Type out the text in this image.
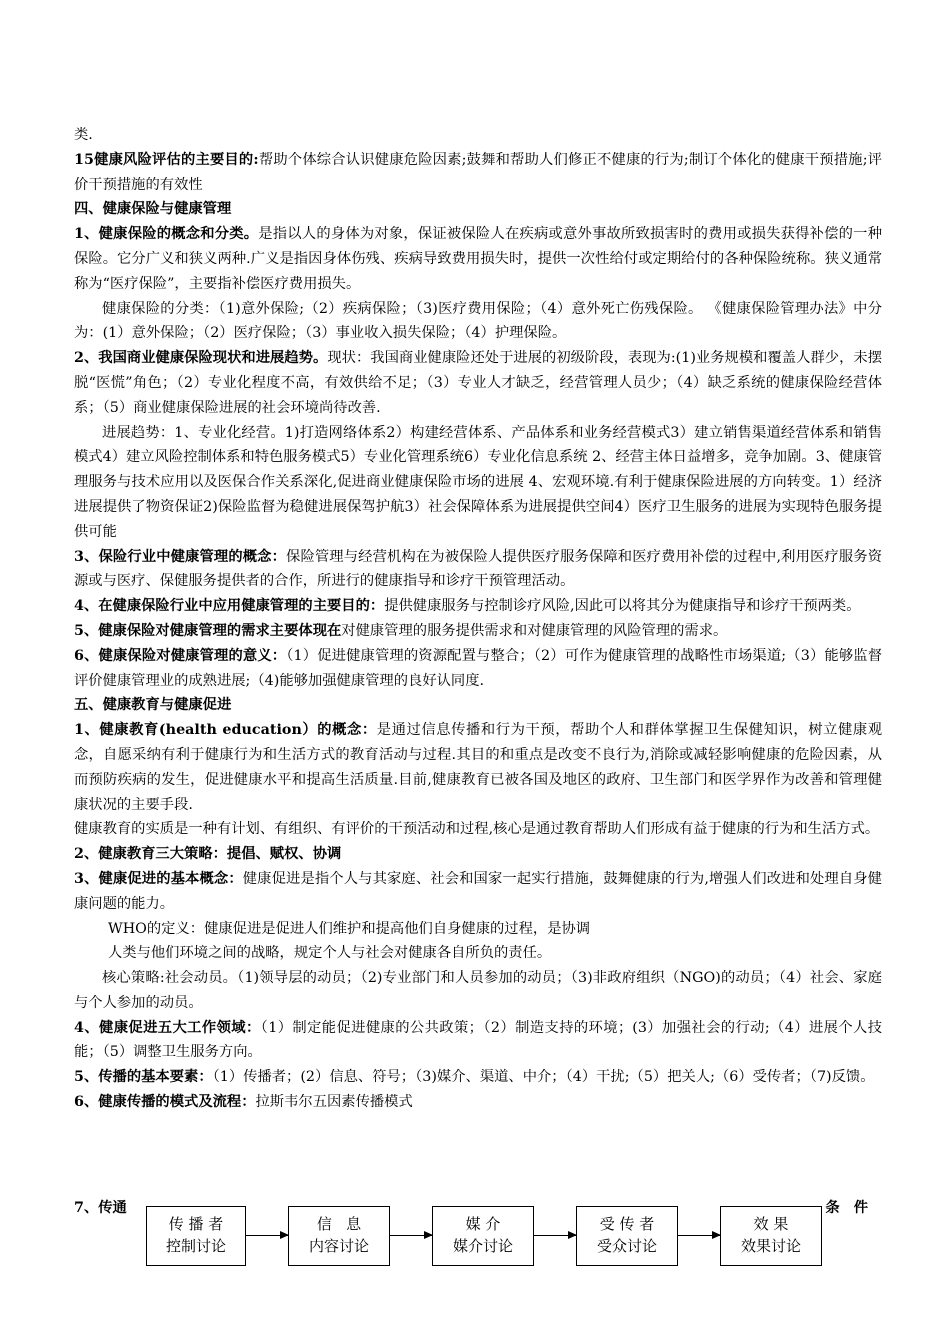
类.

15健康风险评估的主要目的:帮助个体综合认识健康危险因素;鼓舞和帮助人们修正不健康的行为;制订个体化的健康干预措施;评价干预措施的有效性

四、健康保险与健康管理

1、健康保险的概念和分类。是指以人的身体为对象，保证被保险人在疾病或意外事故所致损害时的费用或损失获得补偿的一种保险。它分广义和狭义两种.广义是指因身体伤残、疾病导致费用损失时，提供一次性给付或定期给付的各种保险统称。狭义通常称为“医疗保险”，主要指补偿医疗费用损失。

健康保险的分类：（1)意外保险;（2）疾病保险；（3)医疗费用保险；（4）意外死亡伤残保险。 《健康保险管理办法》中分为：(1）意外保险；（2）医疗保险；（3）事业收入损失保险；（4）护理保险。

2、我国商业健康保险现状和进展趋势。现状：我国商业健康险还处于进展的初级阶段，表现为:(1)业务规模和覆盖人群少，未摆脱“医慌”角色；（2）专业化程度不高，有效供给不足；（3）专业人才缺乏，经营管理人员少；（4）缺乏系统的健康保险经营体系；（5）商业健康保险进展的社会环境尚待改善.

进展趋势：1、专业化经营。1)打造网络体系2）构建经营体系、产品体系和业务经营模式3）建立销售渠道经营体系和销售模式4）建立风险控制体系和特色服务模式5）专业化管理系统6）专业化信息系统 2、经营主体日益增多，竞争加剧。3、健康管理服务与技术应用以及医保合作关系深化,促进商业健康保险市场的进展 4、宏观环境.有利于健康保险进展的方向转变。1）经济进展提供了物资保证2)保险监督为稳健进展保驾护航3）社会保障体系为进展提供空间4）医疗卫生服务的进展为实现特色服务提供可能

3、保险行业中健康管理的概念：保险管理与经营机构在为被保险人提供医疗服务保障和医疗费用补偿的过程中,利用医疗服务资源或与医疗、保健服务提供者的合作，所进行的健康指导和诊疗干预管理活动。

4、在健康保险行业中应用健康管理的主要目的：提供健康服务与控制诊疗风险,因此可以将其分为健康指导和诊疗干预两类。

5、健康保险对健康管理的需求主要体现在对健康管理的服务提供需求和对健康管理的风险管理的需求。

6、健康保险对健康管理的意义：（1）促进健康管理的资源配置与整合；（2）可作为健康管理的战略性市场渠道;（3）能够监督评价健康管理业的成熟进展;（4)能够加强健康管理的良好认同度.

五、健康教育与健康促进

1、健康教育(health education）的概念：是通过信息传播和行为干预，帮助个人和群体掌握卫生保健知识，树立健康观念，自愿采纳有利于健康行为和生活方式的教育活动与过程.其目的和重点是改变不良行为,消除或减轻影响健康的危险因素，从而预防疾病的发生，促进健康水平和提高生活质量.目前,健康教育已被各国及地区的政府、卫生部门和医学界作为改善和管理健康状况的主要手段.

健康教育的实质是一种有计划、有组织、有评价的干预活动和过程,核心是通过教育帮助人们形成有益于健康的行为和生活方式。

2、健康教育三大策略：提倡、赋权、协调

3、健康促进的基本概念：健康促进是指个人与其家庭、社会和国家一起实行措施，鼓舞健康的行为,增强人们改进和处理自身健康问题的能力。

WHO的定义：健康促进是促进人们维护和提高他们自身健康的过程，是协调

人类与他们环境之间的战略，规定个人与社会对健康各自所负的责任。

核心策略:社会动员。（1)领导层的动员；（2)专业部门和人员参加的动员；（3)非政府组织（NGO)的动员；（4）社会、家庭与个人参加的动员。

4、健康促进五大工作领域：（1）制定能促进健康的公共政策；（2）制造支持的环境；(3）加强社会的行动;（4）进展个人技能；（5）调整卫生服务方向。

5、传播的基本要素：（1）传播者；(2）信息、符号；（3)媒介、渠道、中介；（4）干扰;（5）把关人;（6）受传者；（7)反馈。

6、健康传播的模式及流程：拉斯韦尔五因素传播模式

7、传通	条件
传 播 者
控制讨论
信   息
内容讨论
媒 介
媒介讨论
受 传 者
受众讨论
效 果
效果讨论
